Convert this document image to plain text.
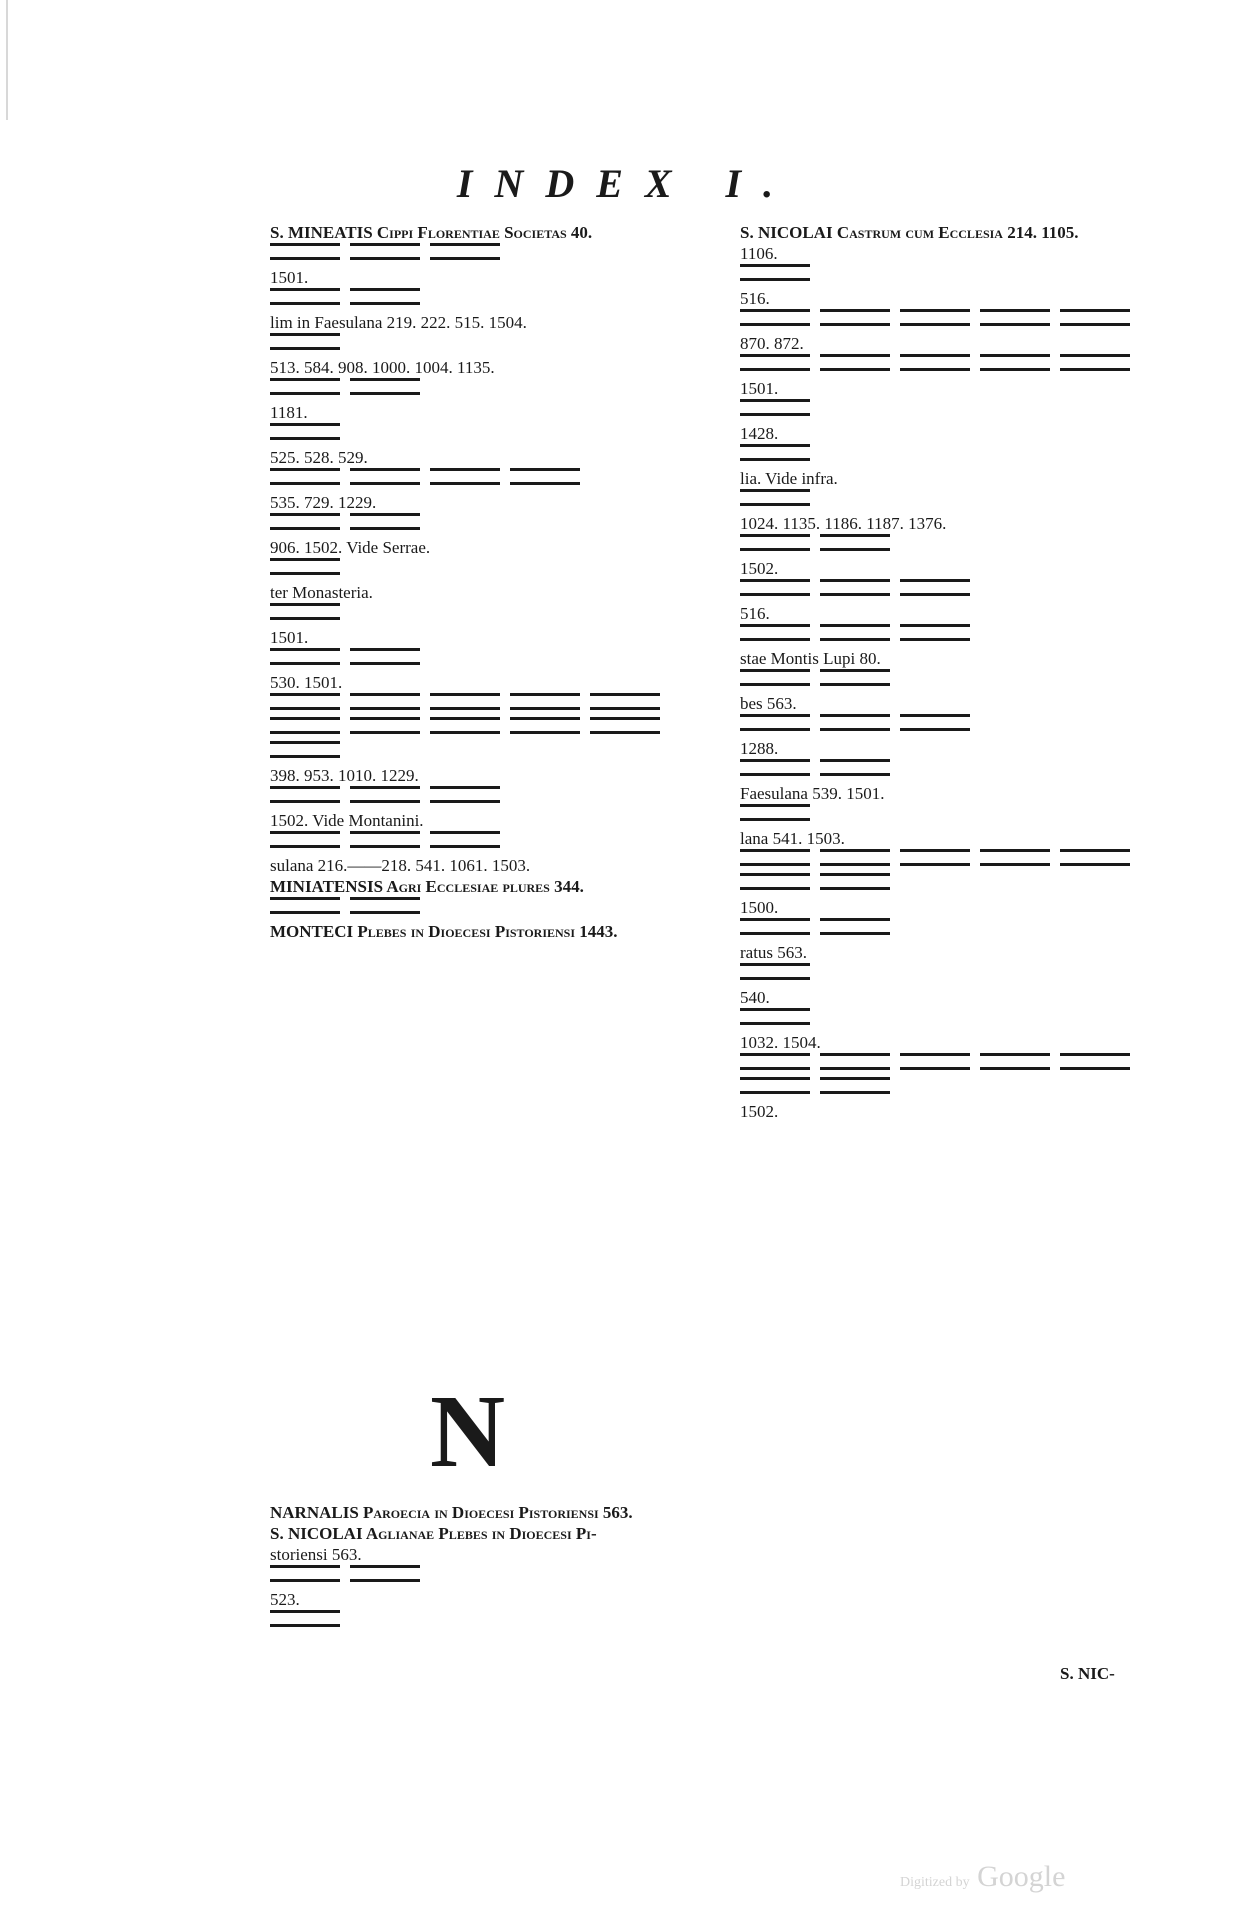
INDEX I.
S. MINEATIS Cippi Florentiae Societas 40.
1501.
lim in Faesulana 219. 222. 515. 1504.
513. 584. 908. 1000. 1004. 1135.
1181.
525. 528. 529.
535. 729. 1229.
906. 1502. Vide Serrae.
ter Monasteria.
1501.
530. 1501.
398. 953. 1010. 1229.
1502. Vide Montanini.
sulana 216.——218. 541. 1061. 1503.
MINIATENSIS Agri Ecclesiae plures 344.
MONTECI Plebes in Dioecesi Pistoriensi 1443.
N
NARNALIS Paroecia in Dioecesi Pistoriensi 563.
S. NICOLAI Aglianae Plebes in Dioecesi Pi-
storiensi 563.
523.
S. NICOLAI Castrum cum Ecclesia 214. 1105.
1106.
516.
870. 872.
1501.
1428.
lia. Vide infra.
1024. 1135. 1186. 1187. 1376.
1502.
516.
stae Montis Lupi 80.
bes 563.
1288.
Faesulana 539. 1501.
lana 541. 1503.
1500.
ratus 563.
540.
1032. 1504.
1502.
S. NIC-
Digitized by Google
